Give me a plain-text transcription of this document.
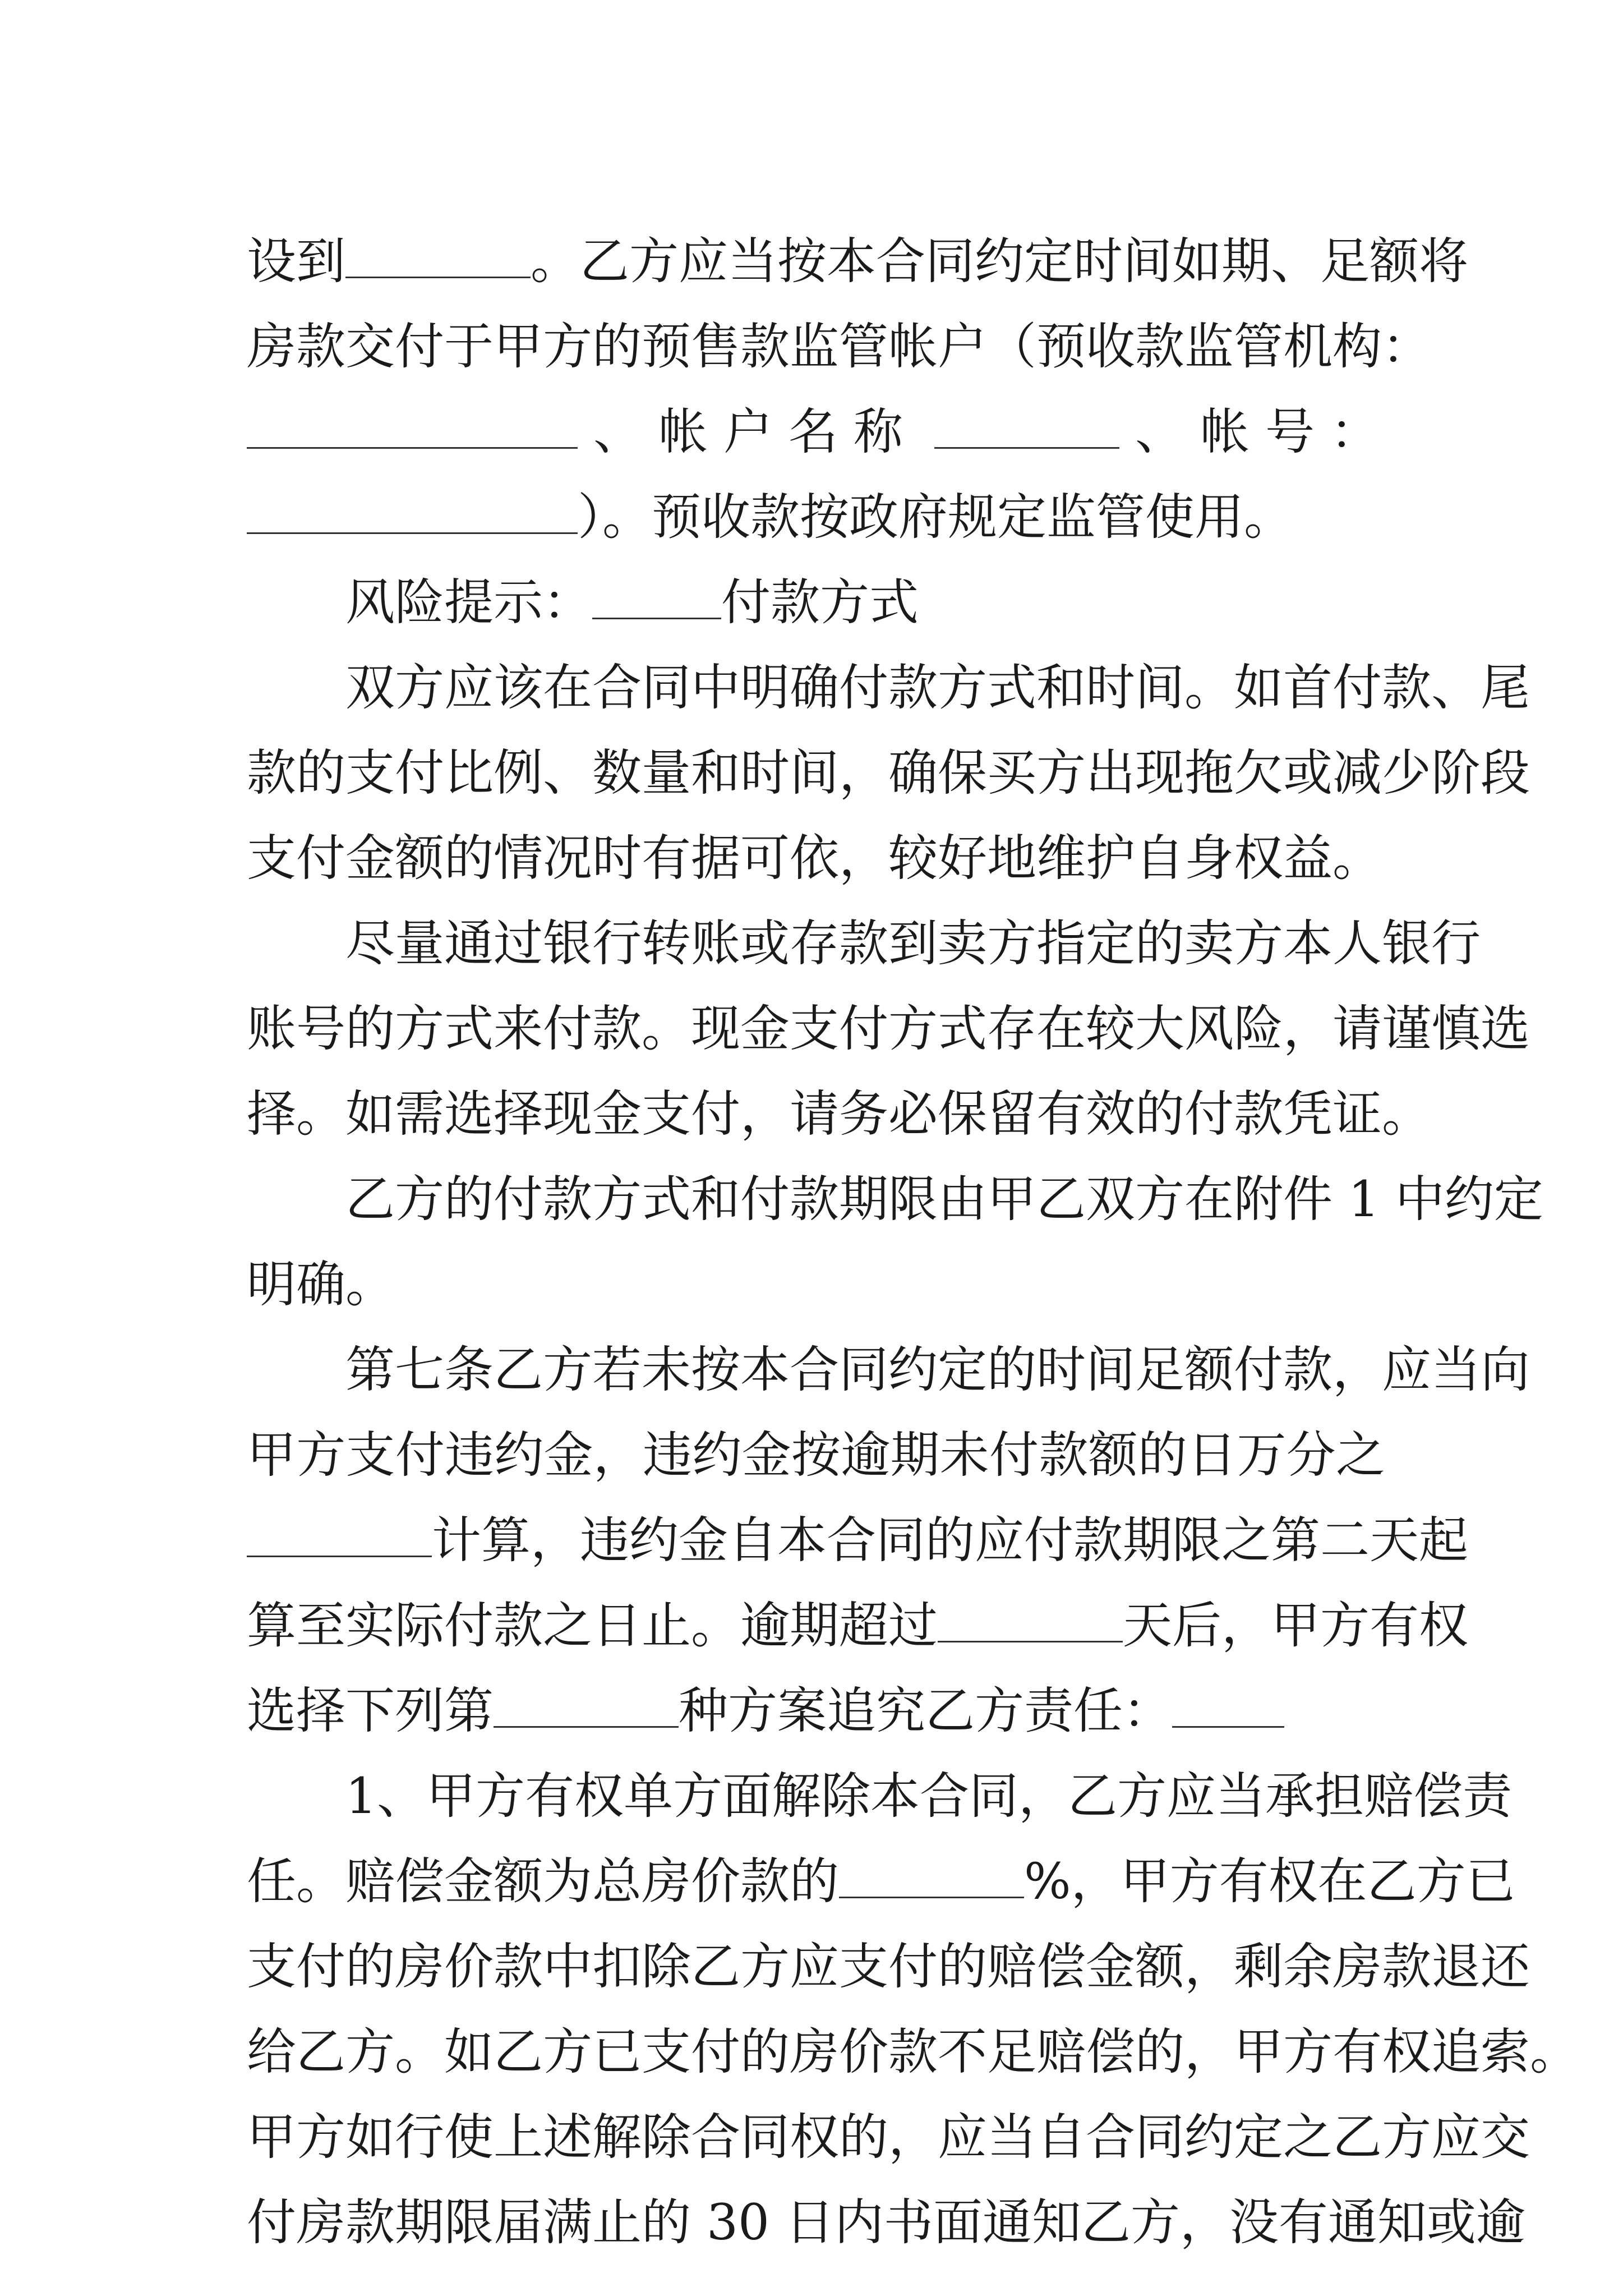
设到	。乙方应当按本合同约定时间如期、足额将
房款交付于甲方的预售款监管帐户（预收款监管机构：
、帐户名称	、帐号：
）。预收款按政府规定监管使用。
风险提示：	付款方式
双方应该在合同中明确付款方式和时间。如首付款、尾
款的支付比例、数量和时间，确保买方出现拖欠或减少阶段
支付金额的情况时有据可依，较好地维护自身权益。
尽量通过银行转账或存款到卖方指定的卖方本人银行
账号的方式来付款。现金支付方式存在较大风险，请谨慎选
择。如需选择现金支付，请务必保留有效的付款凭证。
乙方的付款方式和付款期限由甲乙双方在附件 1 中约定
明确。
第七条乙方若未按本合同约定的时间足额付款，应当向
甲方支付违约金，违约金按逾期未付款额的日万分之
计算，违约金自本合同的应付款期限之第二天起
算至实际付款之日止。逾期超过	天后，甲方有权
选择下列第	种方案追究乙方责任：
1、甲方有权单方面解除本合同，乙方应当承担赔偿责
任。赔偿金额为总房价款的	%，甲方有权在乙方已
支付的房价款中扣除乙方应支付的赔偿金额，剩余房款退还
给乙方。如乙方已支付的房价款不足赔偿的，甲方有权追索。
甲方如行使上述解除合同权的，应当自合同约定之乙方应交
付房款期限届满止的 30 日内书面通知乙方，没有通知或逾
